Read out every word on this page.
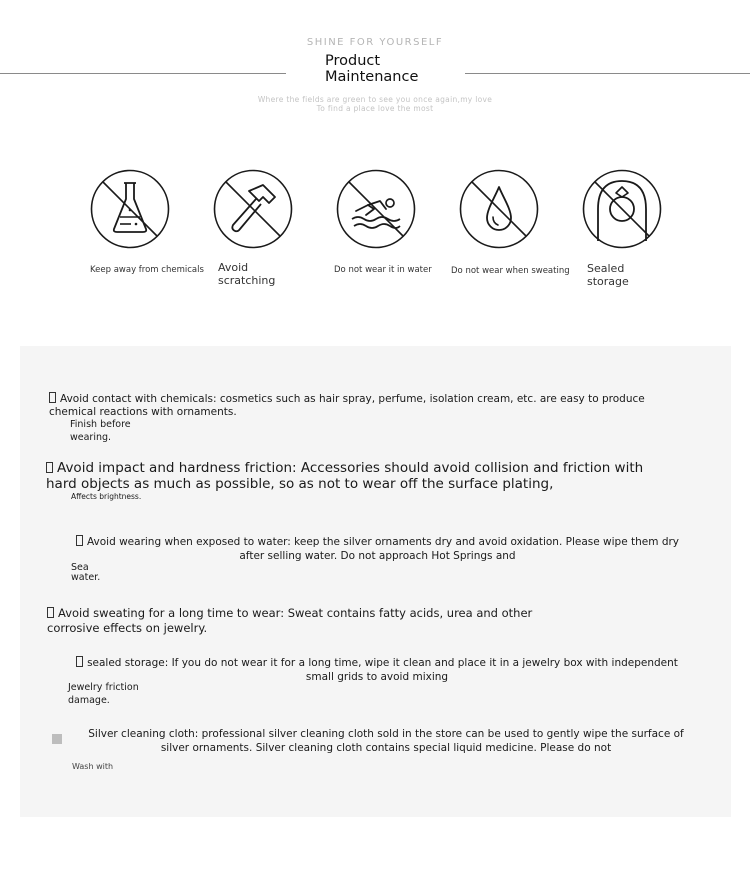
SHINE FOR YOURSELF
Product
Maintenance
Where the fields are green to see you once again,my love
To find a place love the most
Keep away from chemicals Avoid
scratching
Do not wear it in water Do not wear when sweating Sealed
storage
Avoid contact with chemicals: cosmetics such as hair spray, perfume, isolation cream, etc. are easy to produce
chemical reactions with ornaments.
Finish before
wearing.
Avoid impact and hardness friction: Accessories should avoid collision and friction with
hard objects as much as possible, so as not to wear off the surface plating,
Affects brightness.
Avoid wearing when exposed to water: keep the silver ornaments dry and avoid oxidation. Please wipe them dry
after selling water. Do not approach Hot Springs and
Sea
water.
Avoid sweating for a long time to wear: Sweat contains fatty acids, urea and other
corrosive effects on jewelry.
sealed storage: If you do not wear it for a long time, wipe it clean and place it in a jewelry box with independent
small grids to avoid mixing
Jewelry friction
damage.
Silver cleaning cloth: professional silver cleaning cloth sold in the store can be used to gently wipe the surface of
silver ornaments. Silver cleaning cloth contains special liquid medicine. Please do not
Wash with
